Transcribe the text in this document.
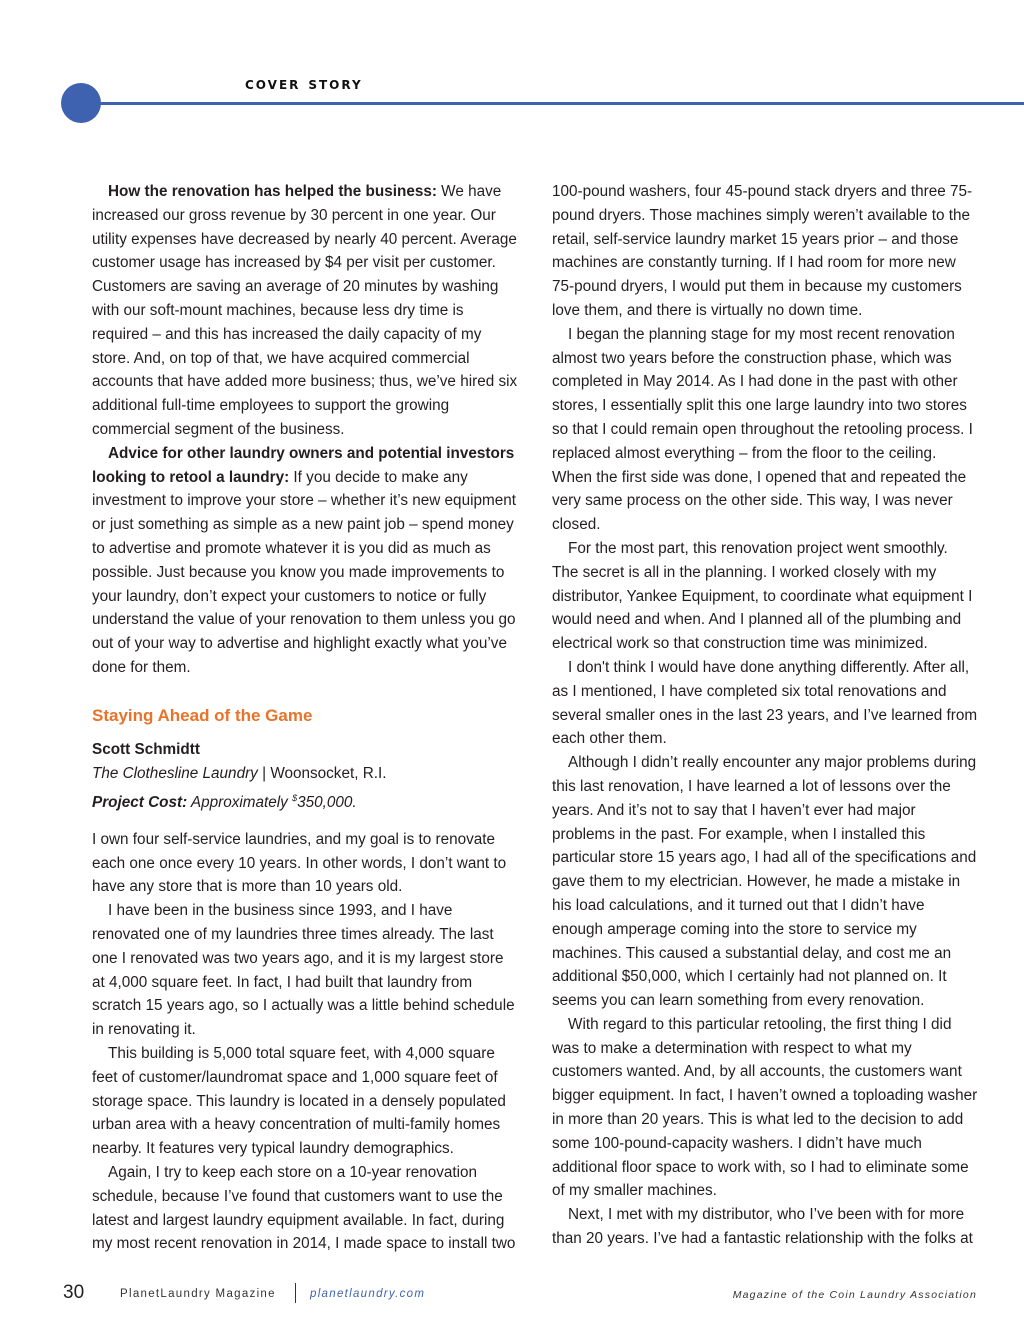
cover story

How the renovation has helped the business: We have increased our gross revenue by 30 percent in one year. Our utility expenses have decreased by nearly 40 percent. Average customer usage has increased by $4 per visit per customer. Customers are saving an average of 20 minutes by washing with our soft-mount machines, because less dry time is required – and this has increased the daily capacity of my store. And, on top of that, we have acquired commercial accounts that have added more business; thus, we’ve hired six additional full-time employees to support the growing commercial segment of the business.

Advice for other laundry owners and potential investors looking to retool a laundry: If you decide to make any investment to improve your store – whether it’s new equipment or just something as simple as a new paint job – spend money to advertise and promote whatever it is you did as much as possible. Just because you know you made improvements to your laundry, don’t expect your customers to notice or fully understand the value of your renovation to them unless you go out of your way to advertise and highlight exactly what you’ve done for them.

Staying Ahead of the Game
Scott Schmidtt
The Clothesline Laundry | Woonsocket, R.I.
Project Cost: Approximately $350,000.

I own four self-service laundries, and my goal is to renovate each one once every 10 years. In other words, I don’t want to have any store that is more than 10 years old.

I have been in the business since 1993, and I have renovated one of my laundries three times already. The last one I renovated was two years ago, and it is my largest store at 4,000 square feet. In fact, I had built that laundry from scratch 15 years ago, so I actually was a little behind schedule in renovating it.

This building is 5,000 total square feet, with 4,000 square feet of customer/laundromat space and 1,000 square feet of storage space. This laundry is located in a densely populated urban area with a heavy concentration of multi-family homes nearby. It features very typical laundry demographics.

Again, I try to keep each store on a 10-year renovation schedule, because I’ve found that customers want to use the latest and largest laundry equipment available. In fact, during my most recent renovation in 2014, I made space to install two

100-pound washers, four 45-pound stack dryers and three 75-pound dryers. Those machines simply weren’t available to the retail, self-service laundry market 15 years prior – and those machines are constantly turning. If I had room for more new 75-pound dryers, I would put them in because my customers love them, and there is virtually no down time.

I began the planning stage for my most recent renovation almost two years before the construction phase, which was completed in May 2014. As I had done in the past with other stores, I essentially split this one large laundry into two stores so that I could remain open throughout the retooling process. I replaced almost everything – from the floor to the ceiling. When the first side was done, I opened that and repeated the very same process on the other side. This way, I was never closed.

For the most part, this renovation project went smoothly. The secret is all in the planning. I worked closely with my distributor, Yankee Equipment, to coordinate what equipment I would need and when. And I planned all of the plumbing and electrical work so that construction time was minimized.

I don't think I would have done anything differently. After all, as I mentioned, I have completed six total renovations and several smaller ones in the last 23 years, and I’ve learned from each other them.

Although I didn’t really encounter any major problems during this last renovation, I have learned a lot of lessons over the years. And it’s not to say that I haven’t ever had major problems in the past. For example, when I installed this particular store 15 years ago, I had all of the specifications and gave them to my electrician. However, he made a mistake in his load calculations, and it turned out that I didn’t have enough amperage coming into the store to service my machines. This caused a substantial delay, and cost me an additional $50,000, which I certainly had not planned on. It seems you can learn something from every renovation.

With regard to this particular retooling, the first thing I did was to make a determination with respect to what my customers wanted. And, by all accounts, the customers want bigger equipment. In fact, I haven’t owned a toploading washer in more than 20 years. This is what led to the decision to add some 100-pound-capacity washers. I didn’t have much additional floor space to work with, so I had to eliminate some of my smaller machines.

Next, I met with my distributor, who I’ve been with for more than 20 years. I’ve had a fantastic relationship with the folks at

30	PlanetLaundry Magazine	planetlaundry.com	Magazine of the Coin Laundry Association
